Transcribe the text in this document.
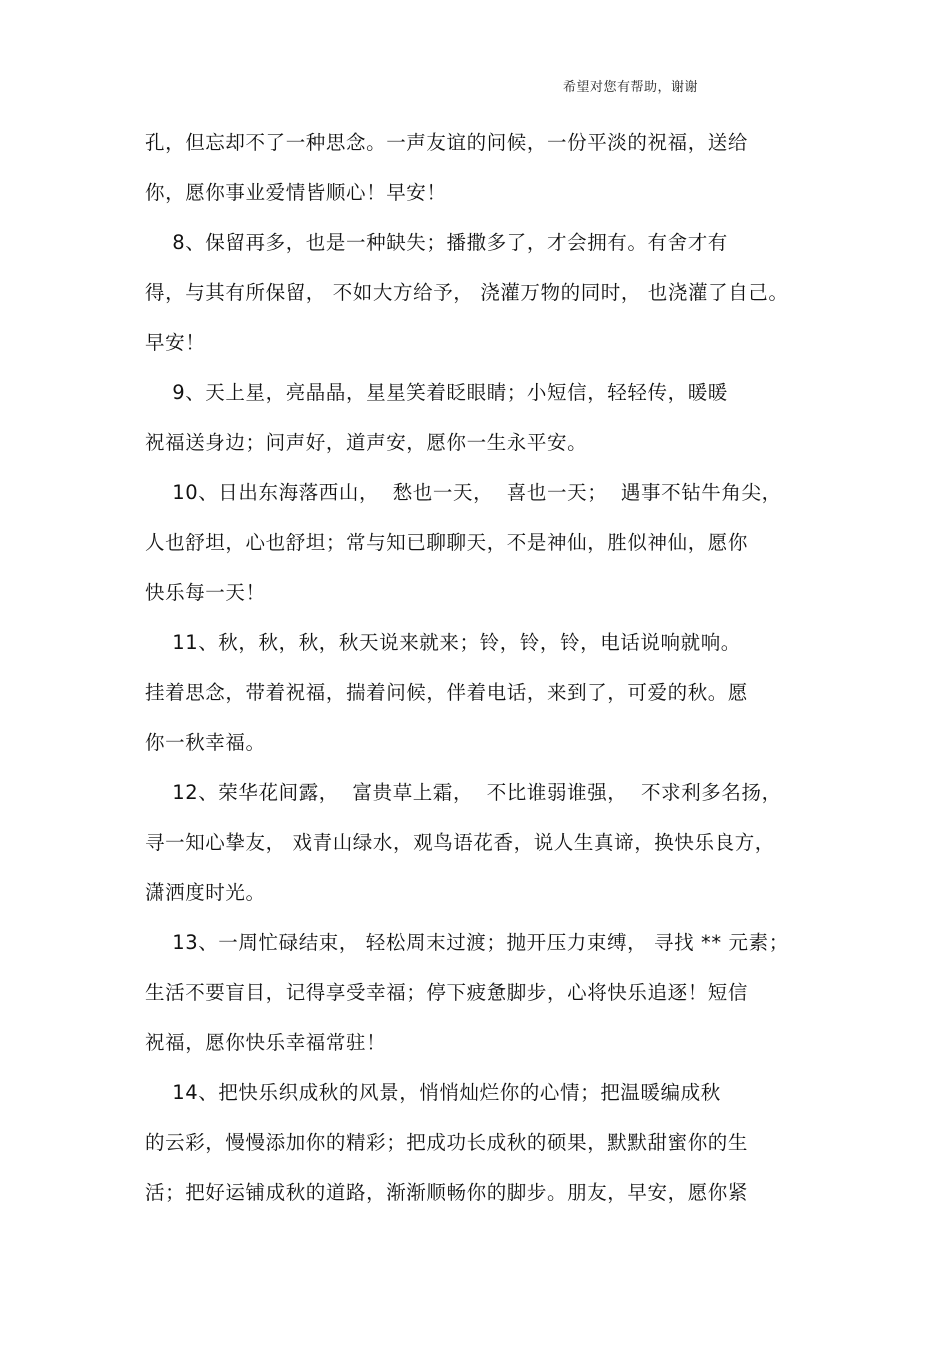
希望对您有帮助，谢谢
孔，但忘却不了一种思念。一声友谊的问候，一份平淡的祝福，送给
你，愿你事业爱情皆顺心！早安！
8、保留再多，也是一种缺失；播撒多了，才会拥有。有舍才有
得，与其有所保留， 不如大方给予， 浇灌万物的同时， 也浇灌了自己。
早安！
9、天上星，亮晶晶，星星笑着眨眼睛；小短信，轻轻传，暖暖
祝福送身边；问声好，道声安，愿你一生永平安。
10、日出东海落西山，  愁也一天，  喜也一天；  遇事不钻牛角尖，
人也舒坦，心也舒坦；常与知已聊聊天，不是神仙，胜似神仙，愿你
快乐每一天！
11、秋，秋，秋，秋天说来就来；铃，铃，铃，电话说响就响。
挂着思念，带着祝福，揣着问候，伴着电话，来到了，可爱的秋。愿
你一秋幸福。
12、荣华花间露，  富贵草上霜，  不比谁弱谁强，  不求利多名扬，
寻一知心挚友， 戏青山绿水，观鸟语花香，说人生真谛，换快乐良方，
潇洒度时光。
13、一周忙碌结束， 轻松周末过渡；抛开压力束缚， 寻找 ** 元素；
生活不要盲目，记得享受幸福；停下疲惫脚步，心将快乐追逐！短信
祝福，愿你快乐幸福常驻！
14、把快乐织成秋的风景，悄悄灿烂你的心情；把温暖编成秋
的云彩，慢慢添加你的精彩；把成功长成秋的硕果，默默甜蜜你的生
活；把好运铺成秋的道路，渐渐顺畅你的脚步。朋友，早安，愿你紧
